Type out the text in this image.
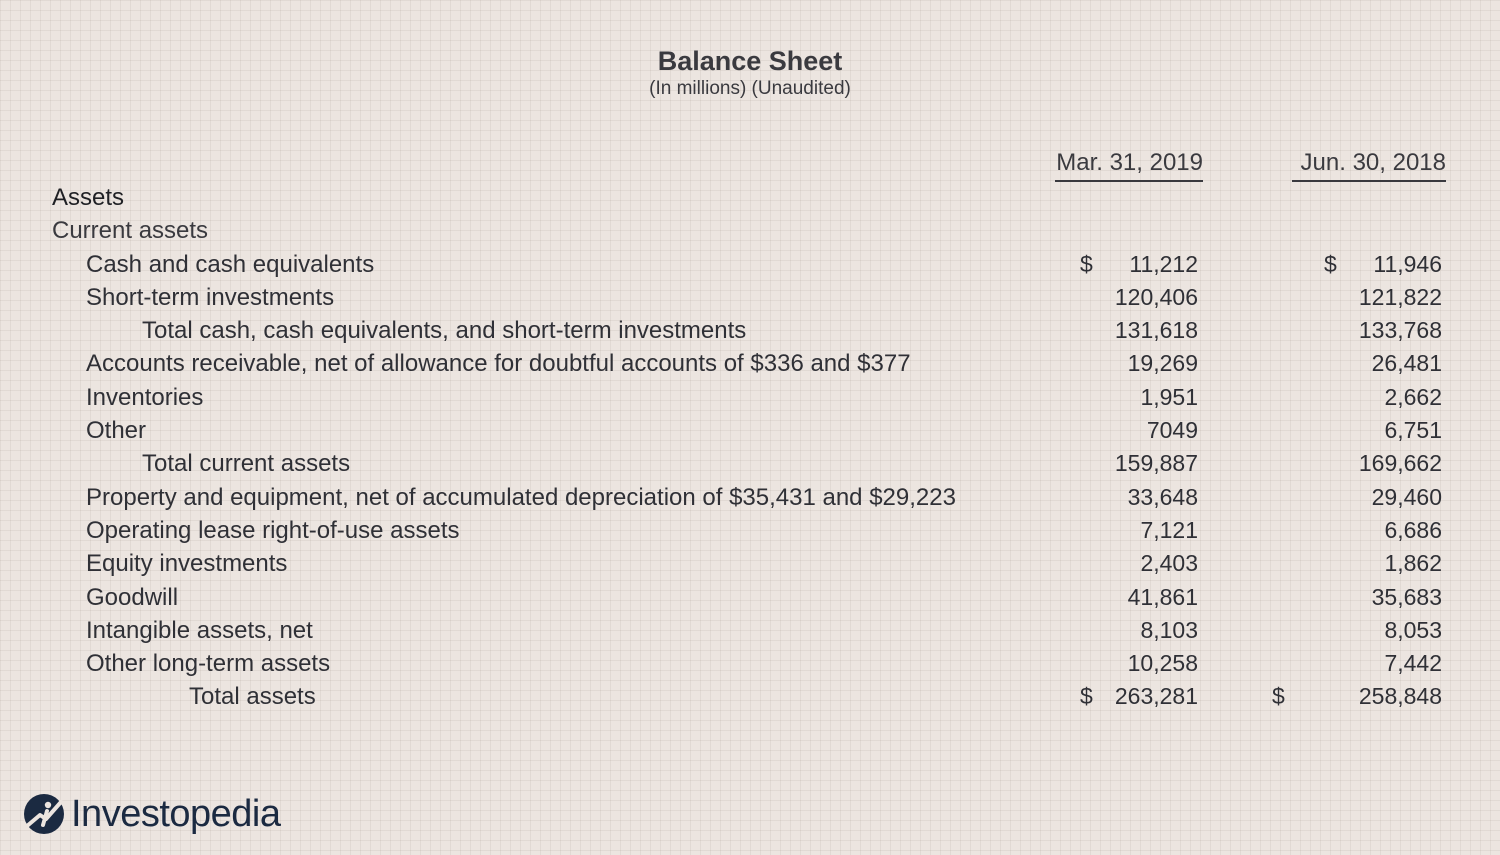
Balance Sheet
(In millions) (Unaudited)
Mar. 31, 2019	Jun. 30, 2018
Assets
Current assets
Cash and cash equivalents	$	11,212	$	11,946
Short-term investments	120,406	121,822
Total cash, cash equivalents, and short-term investments	131,618	133,768
Accounts receivable, net of allowance for doubtful accounts of $336 and $377	19,269	26,481
Inventories	1,951	2,662
Other	7049	6,751
Total current assets	159,887	169,662
Property and equipment, net of accumulated depreciation of $35,431 and $29,223	33,648	29,460
Operating lease right-of-use assets	7,121	6,686
Equity investments	2,403	1,862
Goodwill	41,861	35,683
Intangible assets, net	8,103	8,053
Other long-term assets	10,258	7,442
Total assets	$ 263,281	$	258,848
Investopedia
